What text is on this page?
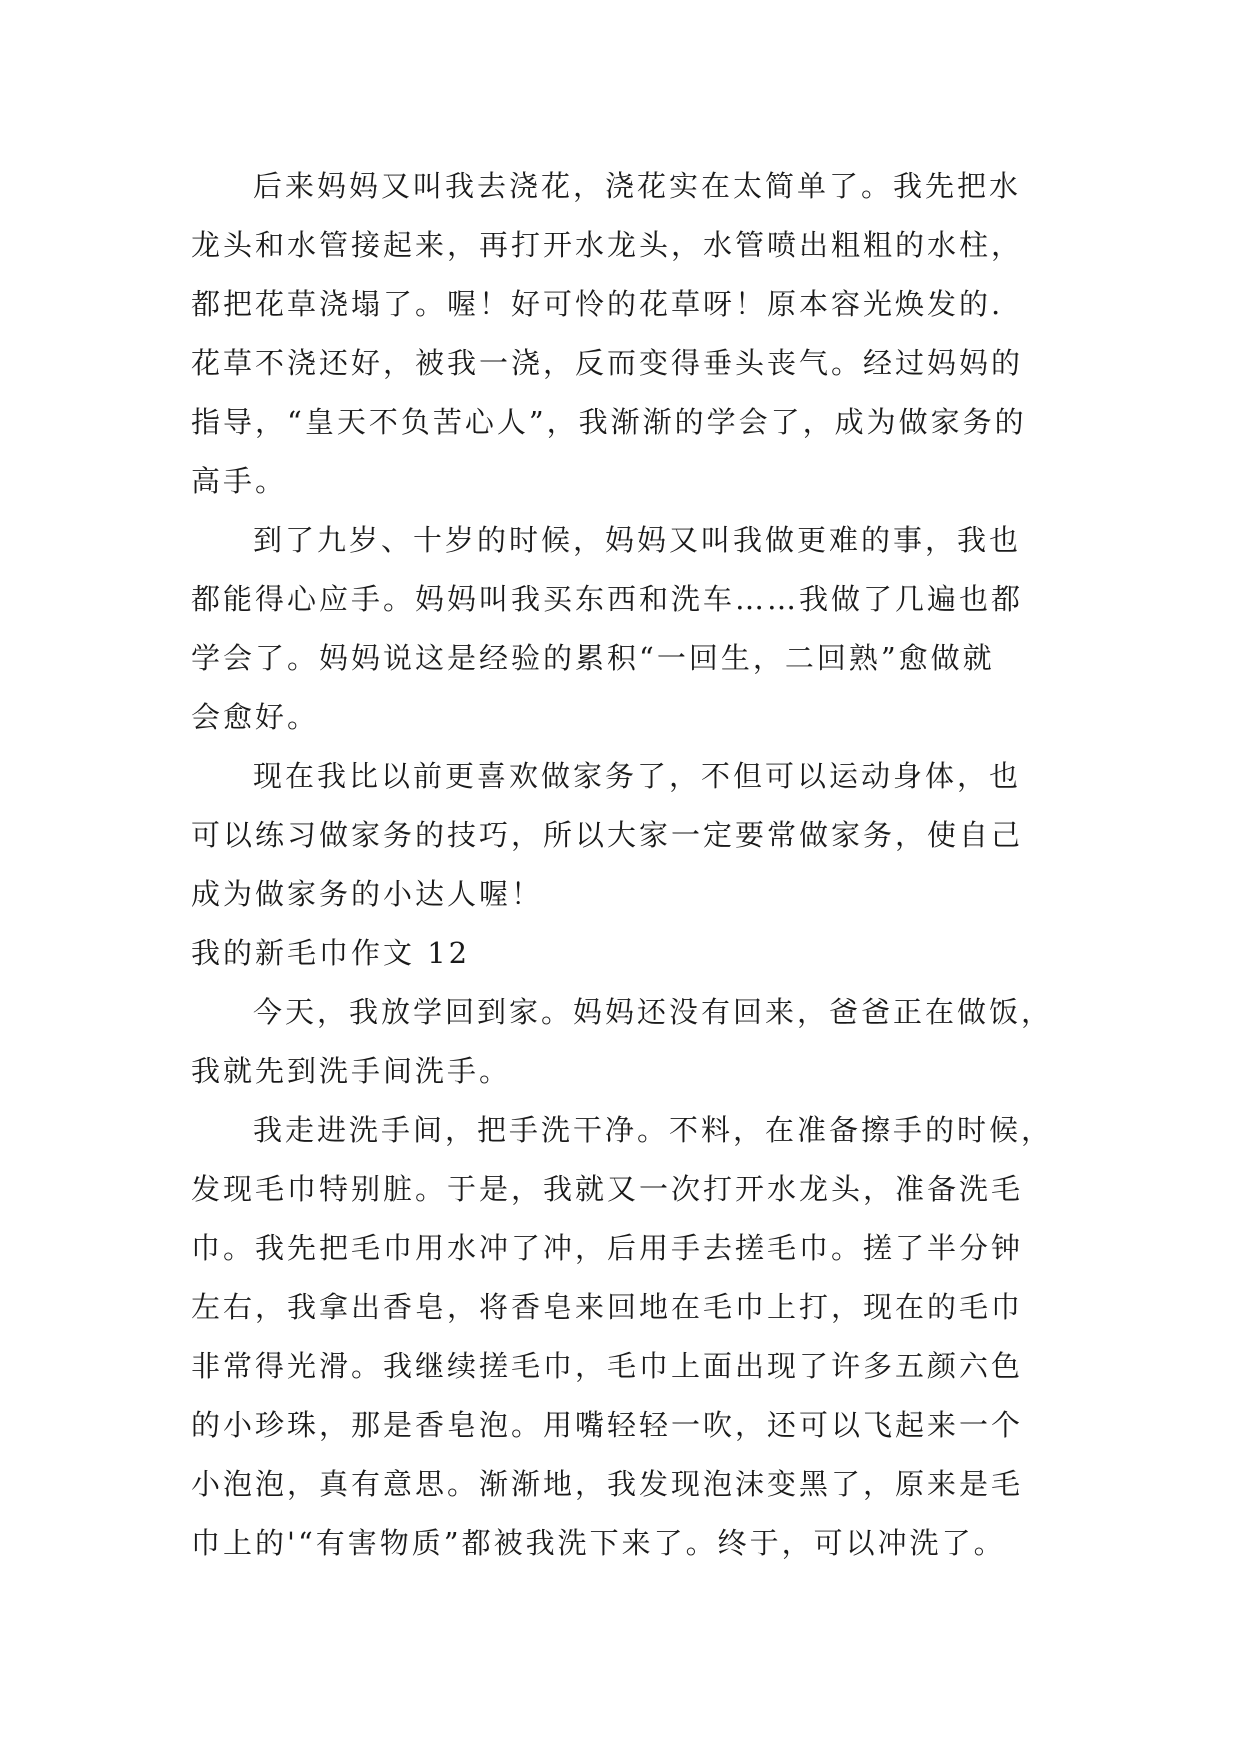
后来妈妈又叫我去浇花，浇花实在太简单了。我先把水
龙头和水管接起来，再打开水龙头，水管喷出粗粗的水柱，
都把花草浇塌了。喔！好可怜的花草呀！原本容光焕发的.
花草不浇还好，被我一浇，反而变得垂头丧气。经过妈妈的
指导，“皇天不负苦心人”，我渐渐的学会了，成为做家务的
高手。
到了九岁、十岁的时候，妈妈又叫我做更难的事，我也
都能得心应手。妈妈叫我买东西和洗车……我做了几遍也都
学会了。妈妈说这是经验的累积“一回生，二回熟”愈做就
会愈好。
现在我比以前更喜欢做家务了，不但可以运动身体，也
可以练习做家务的技巧，所以大家一定要常做家务，使自己
成为做家务的小达人喔！
我的新毛巾作文 12
今天，我放学回到家。妈妈还没有回来，爸爸正在做饭，
我就先到洗手间洗手。
我走进洗手间，把手洗干净。不料，在准备擦手的时候，
发现毛巾特别脏。于是，我就又一次打开水龙头，准备洗毛
巾。我先把毛巾用水冲了冲，后用手去搓毛巾。搓了半分钟
左右，我拿出香皂，将香皂来回地在毛巾上打，现在的毛巾
非常得光滑。我继续搓毛巾，毛巾上面出现了许多五颜六色
的小珍珠，那是香皂泡。用嘴轻轻一吹，还可以飞起来一个
小泡泡，真有意思。渐渐地，我发现泡沫变黑了，原来是毛
巾上的'“有害物质”都被我洗下来了。终于，可以冲洗了。
